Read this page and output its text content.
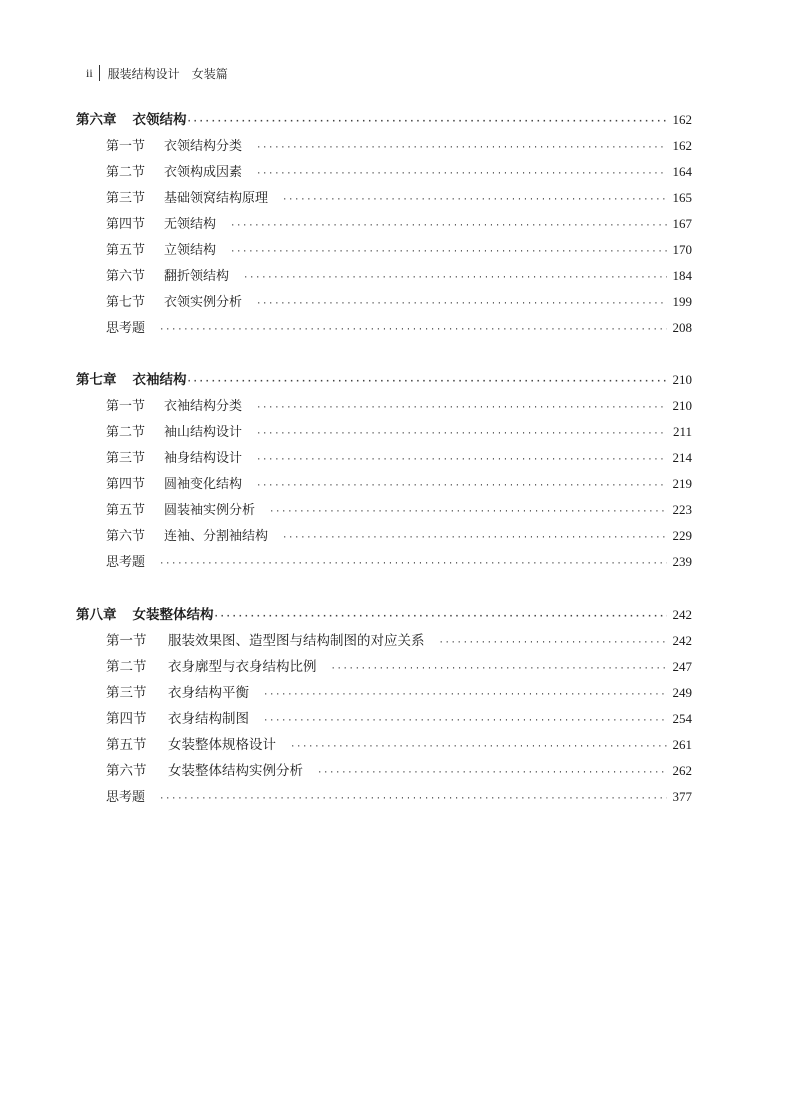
ii 服装结构设计 女装篇
第六章 衣领结构 ·····	162
第一节	衣领结构分类 ·····	162
第二节	衣领构成因素 ·····	164
第三节	基础领窝结构原理 ·····	165
第四节	无领结构 ·····	167
第五节	立领结构 ·····	170
第六节	翻折领结构 ·····	184
第七节	衣领实例分析 ·····	199
思考题 ·····	208
第七章 衣袖结构 ·····	210
第一节	衣袖结构分类 ·····	210
第二节	袖山结构设计 ·····	211
第三节	袖身结构设计 ·····	214
第四节	圆袖变化结构 ·····	219
第五节	圆装袖实例分析 ·····	223
第六节	连袖、分割袖结构 ·····	229
思考题 ·····	239
第八章 女装整体结构 ·····	242
第一节	服装效果图、造型图与结构制图的对应关系 ·····	242
第二节	衣身廓型与衣身结构比例 ·····	247
第三节	衣身结构平衡 ·····	249
第四节	衣身结构制图 ·····	254
第五节	女装整体规格设计 ·····	261
第六节	女装整体结构实例分析 ·····	262
思考题 ·····	377
